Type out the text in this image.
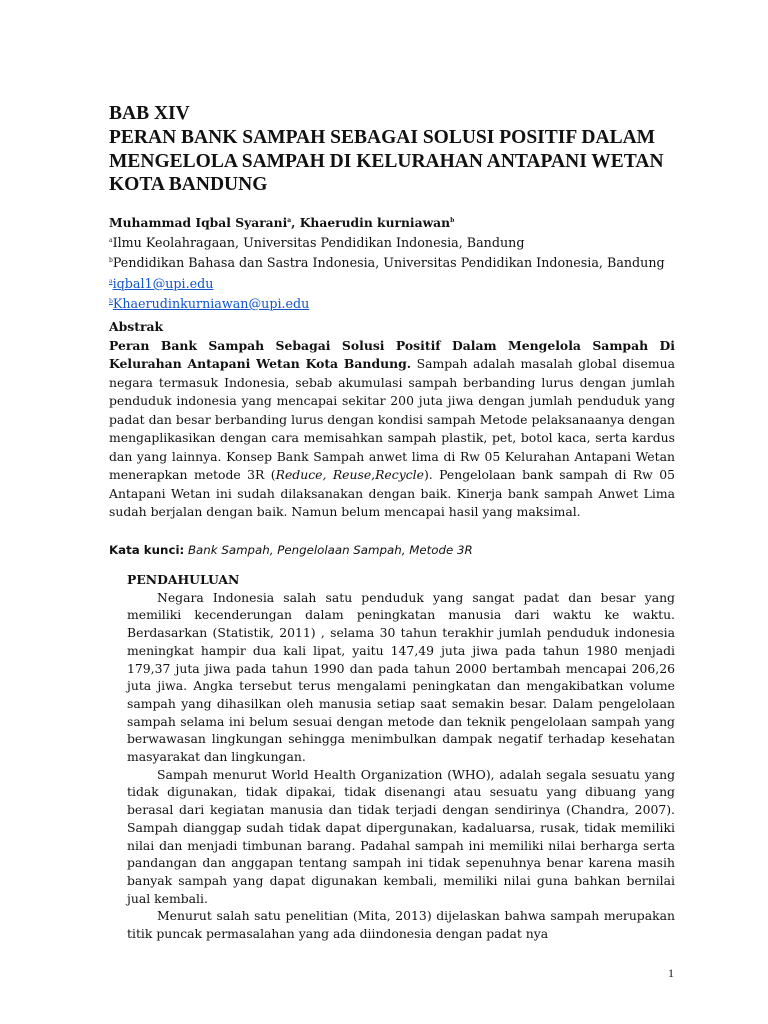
BAB XIV
PERAN BANK SAMPAH SEBAGAI SOLUSI POSITIF DALAM
MENGELOLA SAMPAH DI KELURAHAN ANTAPANI WETAN
KOTA BANDUNG
Muhammad Iqbal Syarani$^a$, Khaerudin kurniawan$^b$
$^a$Ilmu Keolahragaan, Universitas Pendidikan Indonesia, Bandung
$^b$Pendidikan Bahasa dan Sastra Indonesia, Universitas Pendidikan Indonesia, Bandung
$^a$iqbal1@upi.edu
$^b$Khaerudinkurniawan@upi.edu
Abstrak

Peran Bank Sampah Sebagai Solusi Positif Dalam Mengelola Sampah Di Kelurahan Antapani Wetan Kota Bandung. Sampah adalah masalah global disemua negara termasuk Indonesia, sebab akumulasi sampah berbanding lurus dengan jumlah penduduk indonesia yang mencapai sekitar 200 juta jiwa dengan jumlah penduduk yang padat dan besar berbanding lurus dengan kondisi sampah Metode pelaksanaanya dengan mengaplikasikan dengan cara memisahkan sampah plastik, pet, botol kaca, serta kardus dan yang lainnya. Konsep Bank Sampah anwet lima di Rw 05 Kelurahan Antapani Wetan menerapkan metode 3R (Reduce, Reuse,Recycle). Pengelolaan bank sampah di Rw 05 Antapani Wetan ini sudah dilaksanakan dengan baik. Kinerja bank sampah Anwet Lima sudah berjalan dengan baik. Namun belum mencapai hasil yang maksimal.

Kata kunci: Bank Sampah, Pengelolaan Sampah, Metode 3R
PENDAHULUAN

Negara Indonesia salah satu penduduk yang sangat padat dan besar yang memiliki kecenderungan dalam peningkatan manusia dari waktu ke waktu. Berdasarkan (Statistik, 2011) , selama 30 tahun terakhir jumlah penduduk indonesia meningkat hampir dua kali lipat, yaitu 147,49 juta jiwa pada tahun 1980 menjadi 179,37 juta jiwa pada tahun 1990 dan pada tahun 2000 bertambah mencapai 206,26 juta jiwa. Angka tersebut terus mengalami peningkatan dan mengakibatkan volume sampah yang dihasilkan oleh manusia setiap saat semakin besar. Dalam pengelolaan sampah selama ini belum sesuai dengan metode dan teknik pengelolaan sampah yang berwawasan lingkungan sehingga menimbulkan dampak negatif terhadap kesehatan masyarakat dan lingkungan.

Sampah menurut World Health Organization (WHO), adalah segala sesuatu yang tidak digunakan, tidak dipakai, tidak disenangi atau sesuatu yang dibuang yang berasal dari kegiatan manusia dan tidak terjadi dengan sendirinya (Chandra, 2007). Sampah dianggap sudah tidak dapat dipergunakan, kadaluarsa, rusak, tidak memiliki nilai dan menjadi timbunan barang. Padahal sampah ini memiliki nilai berharga serta pandangan dan anggapan tentang sampah ini tidak sepenuhnya benar karena masih banyak sampah yang dapat digunakan kembali, memiliki nilai guna bahkan bernilai jual kembali.

Menurut salah satu penelitian (Mita, 2013) dijelaskan bahwa sampah merupakan titik puncak permasalahan yang ada diindonesia dengan padat nya

1
